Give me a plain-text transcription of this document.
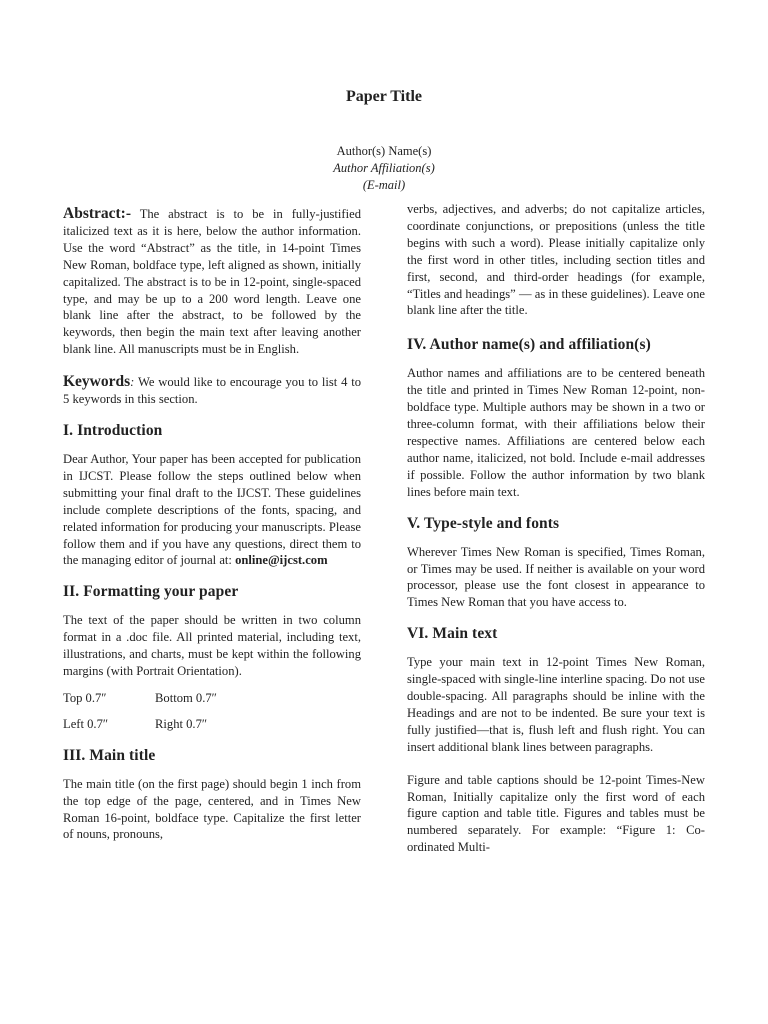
Paper Title
Author(s) Name(s)
Author Affiliation(s)
(E-mail)

Abstract:- The abstract is to be in fully-justified italicized text as it is here, below the author information. Use the word “Abstract” as the title, in 14-point Times New Roman, boldface type, left aligned as shown, initially capitalized. The abstract is to be in 12-point, single-spaced type, and may be up to a 200 word length. Leave one blank line after the abstract, to be followed by the keywords, then begin the main text after leaving another blank line. All manuscripts must be in English.

Keywords: We would like to encourage you to list 4 to 5 keywords in this section.

I. Introduction

Dear Author, Your paper has been accepted for publication in IJCST. Please follow the steps outlined below when submitting your final draft to the IJCST. These guidelines include complete descriptions of the fonts, spacing, and related information for producing your manuscripts. Please follow them and if you have any questions, direct them to the managing editor of journal at: online@ijcst.com

II. Formatting your paper

The text of the paper should be written in two column format in a .doc file. All printed material, including text, illustrations, and charts, must be kept within the following margins (with Portrait Orientation).

Top 0.7″	Bottom 0.7″
Left 0.7″	Right 0.7″
III. Main title

The main title (on the first page) should begin 1 inch from the top edge of the page, centered, and in Times New Roman 16-point, boldface type. Capitalize the first letter of nouns, pronouns,

verbs, adjectives, and adverbs; do not capitalize articles, coordinate conjunctions, or prepositions (unless the title begins with such a word). Please initially capitalize only the first word in other titles, including section titles and first, second, and third-order headings (for example, “Titles and headings” — as in these guidelines). Leave one blank line after the title.

IV. Author name(s) and affiliation(s)

Author names and affiliations are to be centered beneath the title and printed in Times New Roman 12-point, non-boldface type. Multiple authors may be shown in a two or three-column format, with their affiliations below their respective names. Affiliations are centered below each author name, italicized, not bold. Include e-mail addresses if possible. Follow the author information by two blank lines before main text.

V. Type-style and fonts

Wherever Times New Roman is specified, Times Roman, or Times may be used. If neither is available on your word processor, please use the font closest in appearance to Times New Roman that you have access to.

VI. Main text

Type your main text in 12-point Times New Roman, single-spaced with single-line interline spacing. Do not use double-spacing. All paragraphs should be inline with the Headings and are not to be indented. Be sure your text is fully justified—that is, flush left and flush right. You can insert additional blank lines between paragraphs.

Figure and table captions should be 12-point Times-New Roman, Initially capitalize only the first word of each figure caption and table title. Figures and tables must be numbered separately. For example: “Figure 1: Co-ordinated Multi-
